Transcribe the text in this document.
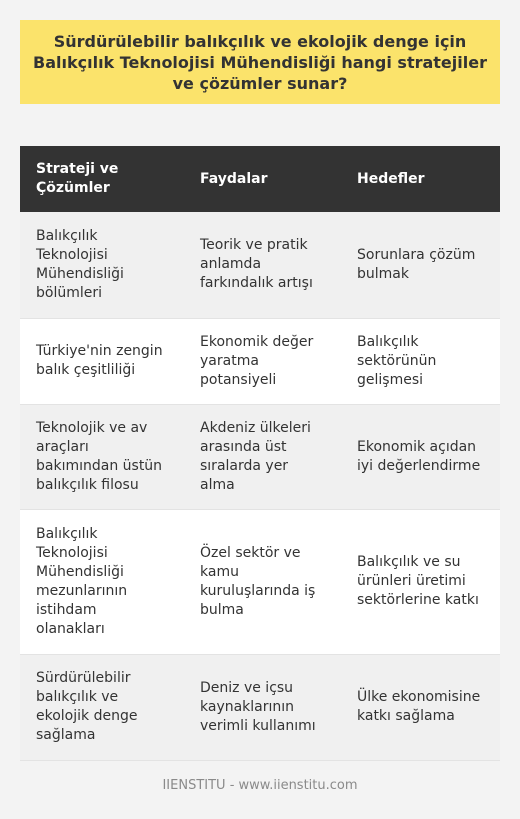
Sürdürülebilir balıkçılık ve ekolojik denge için Balıkçılık Teknolojisi Mühendisliği hangi stratejiler ve çözümler sunar?
Strateji ve Çözümler	Faydalar	Hedefler
Balıkçılık Teknolojisi Mühendisliği bölümleri	Teorik ve pratik anlamda farkındalık artışı	Sorunlara çözüm bulmak
Türkiye'nin zengin balık çeşitliliği	Ekonomik değer yaratma potansiyeli	Balıkçılık sektörünün gelişmesi
Teknolojik ve av araçları bakımından üstün balıkçılık filosu	Akdeniz ülkeleri arasında üst sıralarda yer alma	Ekonomik açıdan iyi değerlendirme
Balıkçılık Teknolojisi Mühendisliği mezunlarının istihdam olanakları	Özel sektör ve kamu kuruluşlarında iş bulma	Balıkçılık ve su ürünleri üretimi sektörlerine katkı
Sürdürülebilir balıkçılık ve ekolojik denge sağlama	Deniz ve içsu kaynaklarının verimli kullanımı	Ülke ekonomisine katkı sağlama
IIENSTITU - www.iienstitu.com
